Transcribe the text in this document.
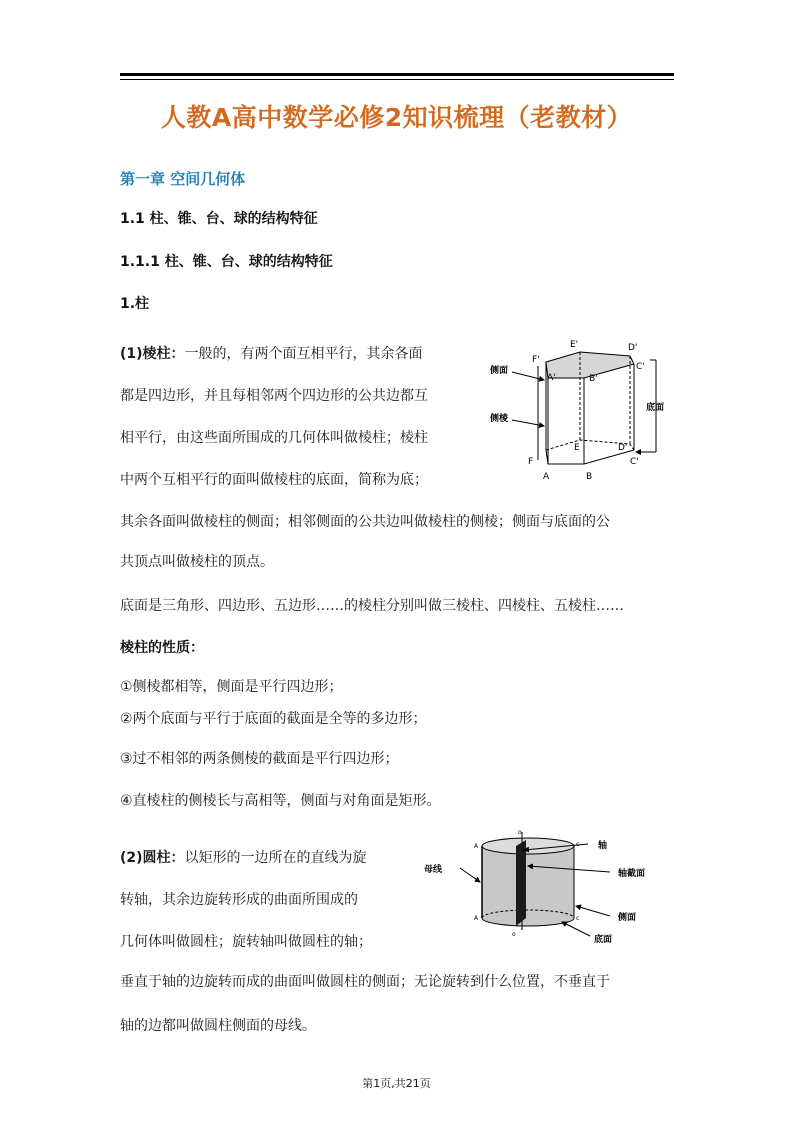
人教A高中数学必修2知识梳理（老教材）
第一章 空间几何体
1.1 柱、锥、台、球的结构特征
1.1.1 柱、锥、台、球的结构特征
1.柱
(1)棱柱：一般的，有两个面互相平行，其余各面
都是四边形，并且每相邻两个四边形的公共边都互
相平行，由这些面所围成的几何体叫做棱柱；棱柱
中两个互相平行的面叫做棱柱的底面，简称为底；
其余各面叫做棱柱的侧面；相邻侧面的公共边叫做棱柱的侧棱；侧面与底面的公
共顶点叫做棱柱的顶点。
底面是三角形、四边形、五边形……的棱柱分别叫做三棱柱、四棱柱、五棱柱……
棱柱的性质：
①侧棱都相等，侧面是平行四边形；
②两个底面与平行于底面的截面是全等的多边形；
③过不相邻的两条侧棱的截面是平行四边形；
④直棱柱的侧棱长与高相等，侧面与对角面是矩形。
(2)圆柱：以矩形的一边所在的直线为旋
转轴，其余边旋转形成的曲面所围成的
几何体叫做圆柱；旋转轴叫做圆柱的轴；
垂直于轴的边旋转而成的曲面叫做圆柱的侧面；无论旋转到什么位置，不垂直于
轴的边都叫做圆柱侧面的母线。
侧面
侧棱
底面
E'	D'
F'
C'
A'	B'
E
F
D'
C'
A	B
轴
母线	轴截面
侧面
底面
A
A
o
o
c
c
第1页,共21页
